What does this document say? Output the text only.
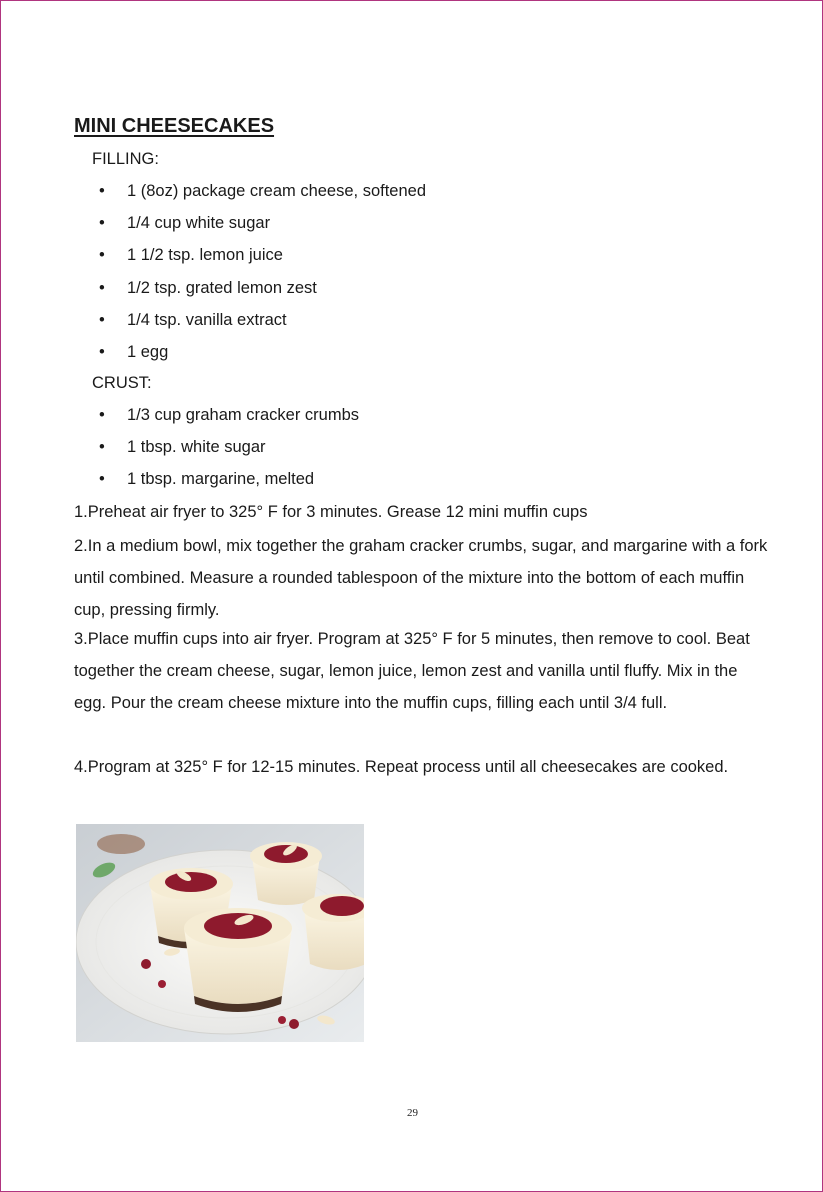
MINI CHEESECAKES

FILLING:

• 1 (8oz) package cream cheese, softened
• 1/4 cup white sugar
• 1 1/2 tsp. lemon juice
• 1/2 tsp. grated lemon zest
• 1/4 tsp. vanilla extract
• 1 egg

CRUST:

• 1/3 cup graham cracker crumbs
• 1 tbsp. white sugar
• 1 tbsp. margarine, melted

1.Preheat air fryer to 325° F for 3 minutes. Grease 12 mini muffin cups

2.In a medium bowl, mix together the graham cracker crumbs, sugar, and margarine with a fork until combined. Measure a rounded tablespoon of the mixture into the bottom of each muffin cup, pressing firmly.

3.Place muffin cups into air fryer. Program at 325° F for 5 minutes, then remove to cool. Beat together the cream cheese, sugar, lemon juice, lemon zest and vanilla until fluffy. Mix in the egg. Pour the cream cheese mixture into the muffin cups, filling each until 3/4 full.

4.Program at 325° F for 12-15 minutes. Repeat process until all cheesecakes are cooked.

29
